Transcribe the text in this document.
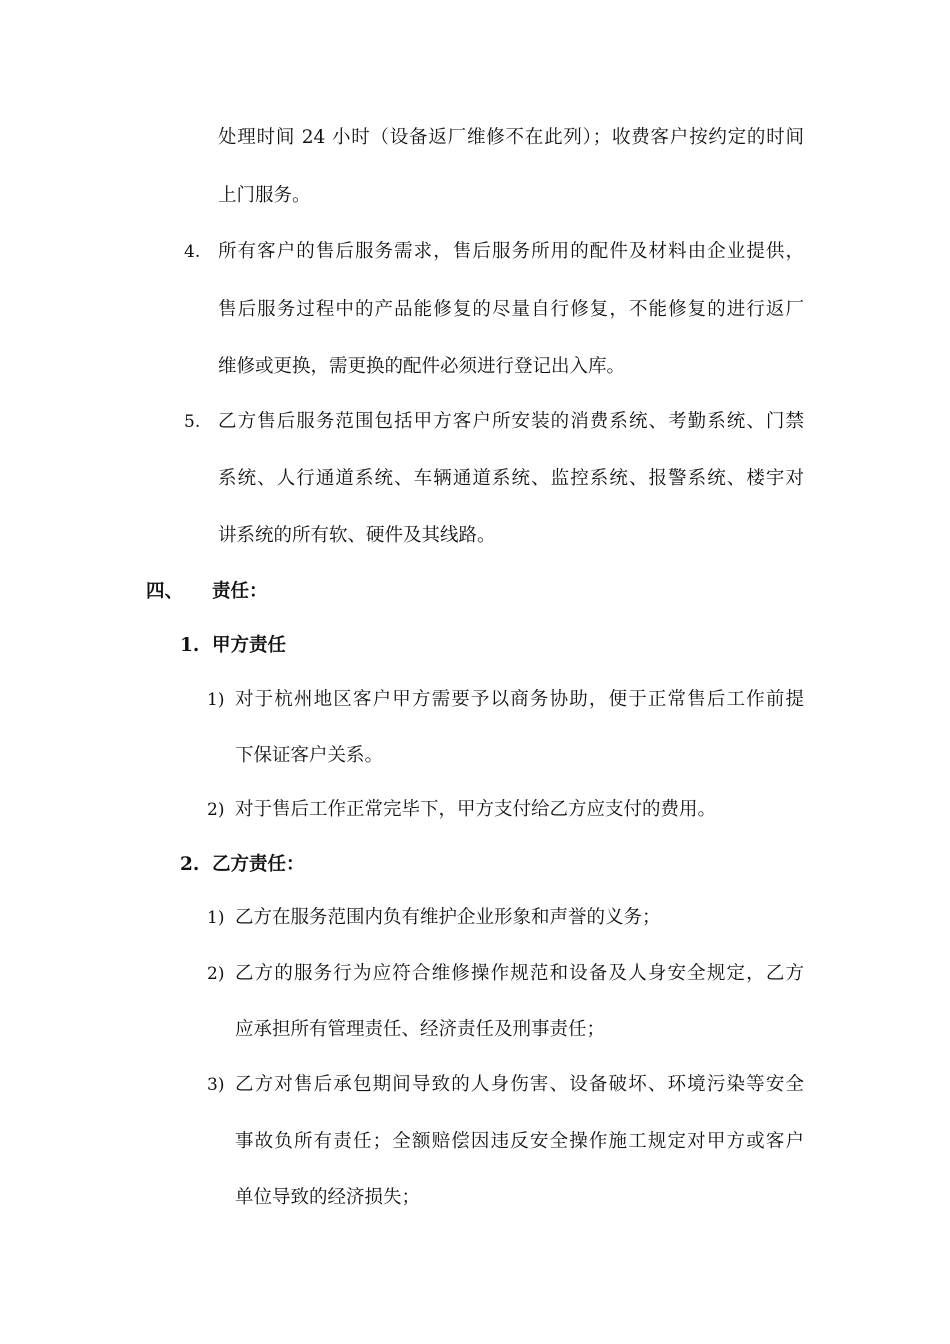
处理时间 24 小时（设备返厂维修不在此列）；收费客户按约定的时间
上门服务。
4. 所有客户的售后服务需求，售后服务所用的配件及材料由企业提供，
售后服务过程中的产品能修复的尽量自行修复，不能修复的进行返厂
维修或更换，需更换的配件必须进行登记出入库。
5. 乙方售后服务范围包括甲方客户所安装的消费系统、考勤系统、门禁
系统、人行通道系统、车辆通道系统、监控系统、报警系统、楼宇对
讲系统的所有软、硬件及其线路。
四、 责任：
1. 甲方责任
1) 对于杭州地区客户甲方需要予以商务协助，便于正常售后工作前提
下保证客户关系。
2) 对于售后工作正常完毕下，甲方支付给乙方应支付的费用。
2. 乙方责任：
1) 乙方在服务范围内负有维护企业形象和声誉的义务；
2) 乙方的服务行为应符合维修操作规范和设备及人身安全规定，乙方
应承担所有管理责任、经济责任及刑事责任；
3) 乙方对售后承包期间导致的人身伤害、设备破坏、环境污染等安全
事故负所有责任；全额赔偿因违反安全操作施工规定对甲方或客户
单位导致的经济损失；
